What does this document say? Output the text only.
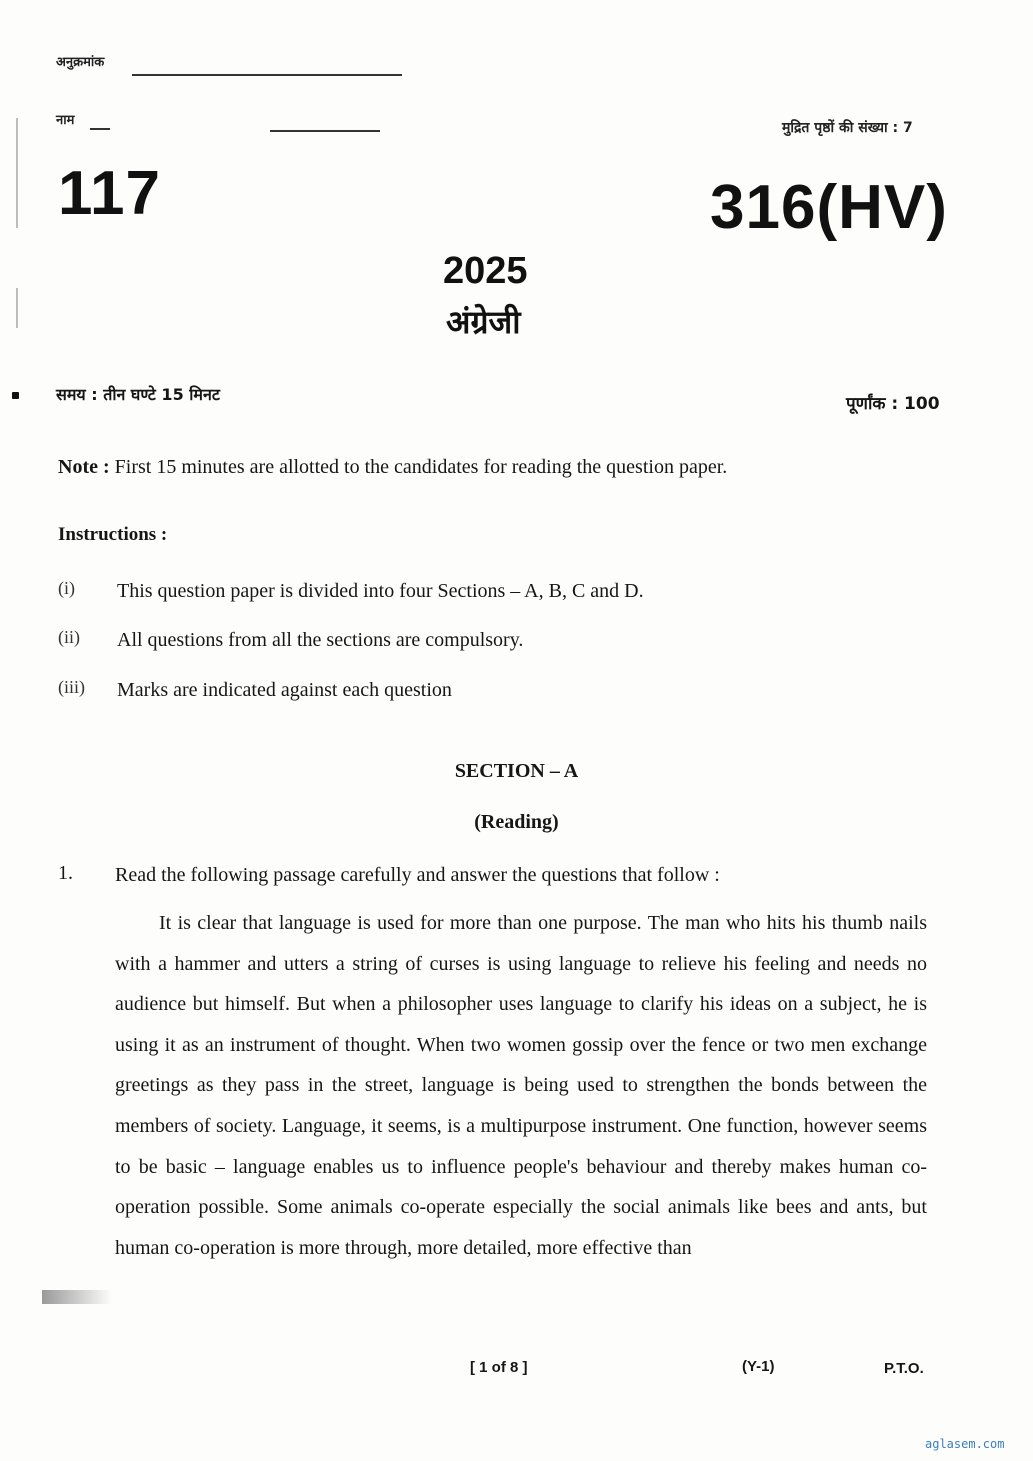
अनुक्रमांक
नाम	मुद्रित पृष्ठों की संख्या : 7
117	316(HV)
2025
अंग्रेजी
समय : तीन घण्टे 15 मिनट	पूर्णांक : 100
Note : First 15 minutes are allotted to the candidates for reading the question paper.
Instructions :
(i) This question paper is divided into four Sections – A, B, C and D.
(ii) All questions from all the sections are compulsory.
(iii) Marks are indicated against each question
SECTION – A
(Reading)
1. Read the following passage carefully and answer the questions that follow :

It is clear that language is used for more than one purpose. The man who hits his thumb nails with a hammer and utters a string of curses is using language to relieve his feeling and needs no audience but himself. But when a philosopher uses language to clarify his ideas on a subject, he is using it as an instrument of thought. When two women gossip over the fence or two men exchange greetings as they pass in the street, language is being used to strengthen the bonds between the members of society. Language, it seems, is a multipurpose instrument. One function, however seems to be basic – language enables us to influence people's behaviour and thereby makes human co-operation possible. Some animals co-operate especially the social animals like bees and ants, but human co-operation is more through, more detailed, more effective than

[ 1 of 8 ]	(Y-1)	P.T.O.
aglasem.com
